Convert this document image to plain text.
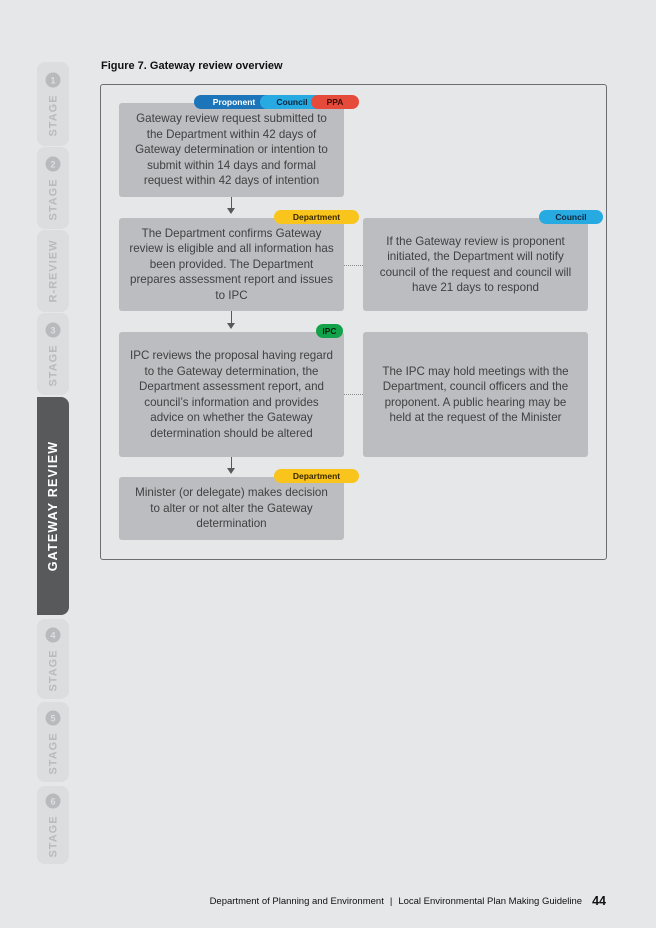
STAGE
1
STAGE
2
R-REVIEW
STAGE
3
GATEWAY REVIEW
STAGE
4
STAGE
5
STAGE
6
Figure 7. Gateway review overview
Gateway review request submitted to the Department within 42 days of Gateway determination or intention to submit within 14 days and formal request within 42 days of intention
Proponent	Council	PPA
The Department confirms Gateway review is eligible and all information has been provided. The Department prepares assessment report and issues to IPC
Department
If the Gateway review is proponent initiated, the Department will notify council of the request and council will have 21 days to respond
Council
IPC reviews the proposal having regard to the Gateway determination, the Department assessment report, and council’s information and provides advice on whether the Gateway determination should be altered
IPC
The IPC may hold meetings with the Department, council officers and the proponent. A public hearing may be held at the request of the Minister
Minister (or delegate) makes decision to alter or not alter the Gateway determination
Department
Department of Planning and Environment | Local Environmental Plan Making Guideline 44
